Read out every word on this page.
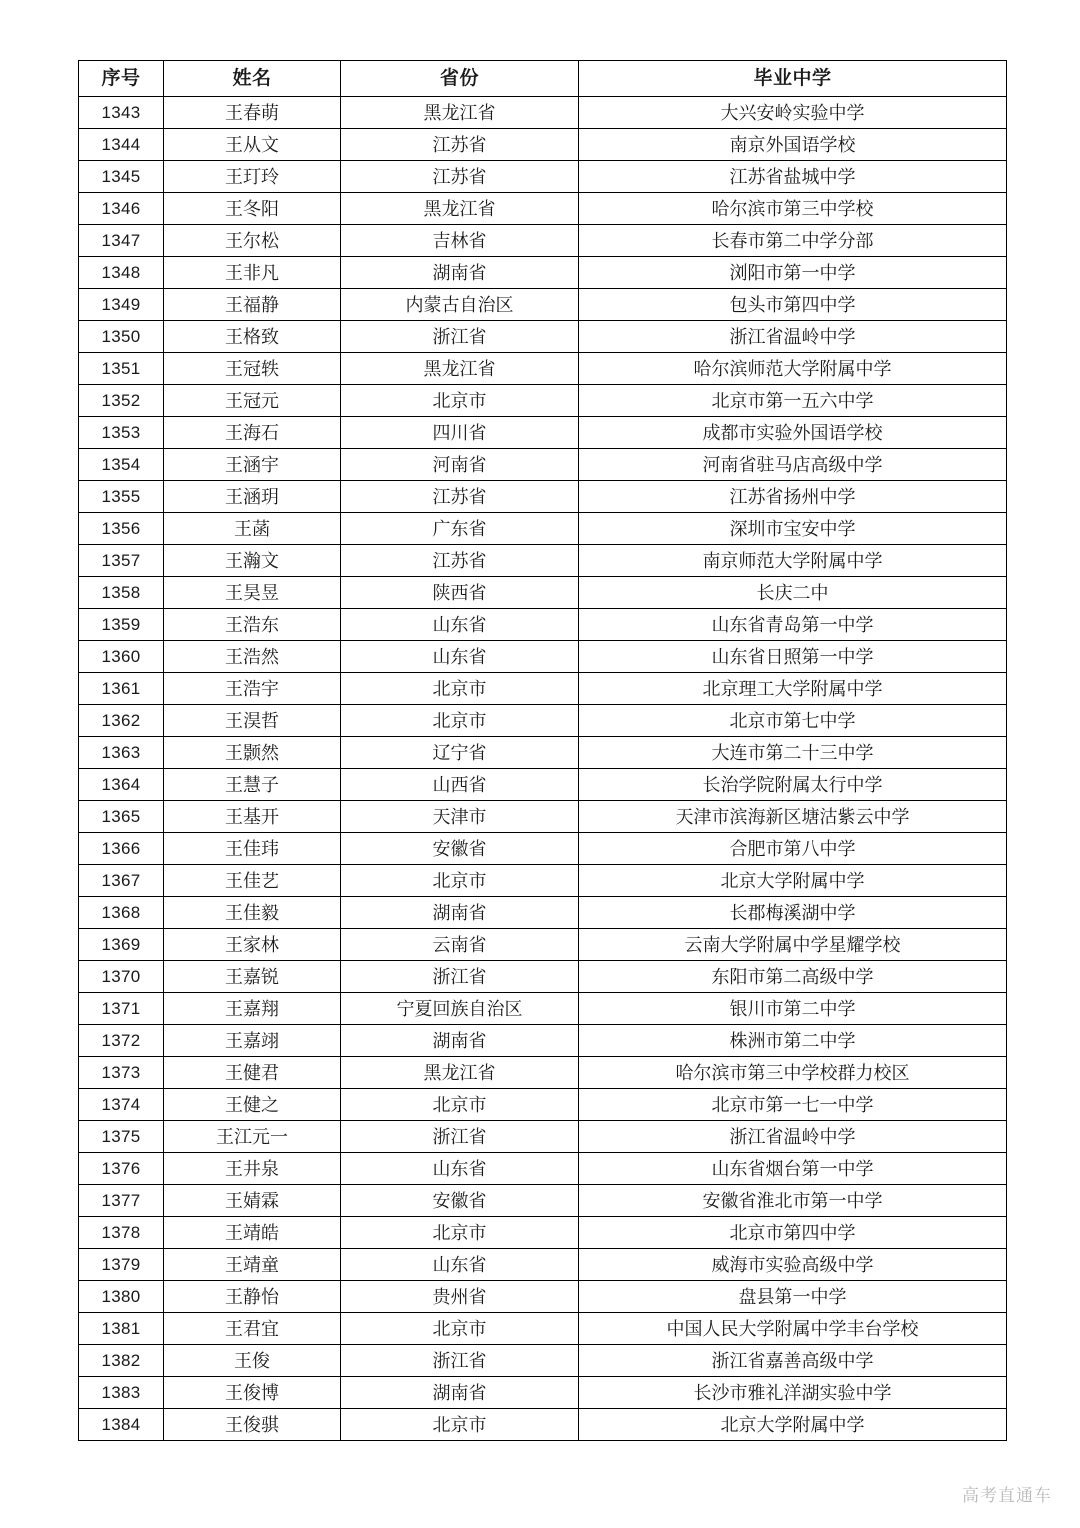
序号	姓名	省份	毕业中学
1343	王春萌	黑龙江省	大兴安岭实验中学
1344	王从文	江苏省	南京外国语学校
1345	王玎玲	江苏省	江苏省盐城中学
1346	王冬阳	黑龙江省	哈尔滨市第三中学校
1347	王尔松	吉林省	长春市第二中学分部
1348	王非凡	湖南省	浏阳市第一中学
1349	王福静	内蒙古自治区	包头市第四中学
1350	王格致	浙江省	浙江省温岭中学
1351	王冠轶	黑龙江省	哈尔滨师范大学附属中学
1352	王冠元	北京市	北京市第一五六中学
1353	王海石	四川省	成都市实验外国语学校
1354	王涵宇	河南省	河南省驻马店高级中学
1355	王涵玥	江苏省	江苏省扬州中学
1356	王菡	广东省	深圳市宝安中学
1357	王瀚文	江苏省	南京师范大学附属中学
1358	王昊昱	陕西省	长庆二中
1359	王浩东	山东省	山东省青岛第一中学
1360	王浩然	山东省	山东省日照第一中学
1361	王浩宇	北京市	北京理工大学附属中学
1362	王淏哲	北京市	北京市第七中学
1363	王颢然	辽宁省	大连市第二十三中学
1364	王慧子	山西省	长治学院附属太行中学
1365	王基开	天津市	天津市滨海新区塘沽紫云中学
1366	王佳玮	安徽省	合肥市第八中学
1367	王佳艺	北京市	北京大学附属中学
1368	王佳毅	湖南省	长郡梅溪湖中学
1369	王家林	云南省	云南大学附属中学星耀学校
1370	王嘉锐	浙江省	东阳市第二高级中学
1371	王嘉翔	宁夏回族自治区	银川市第二中学
1372	王嘉翊	湖南省	株洲市第二中学
1373	王健君	黑龙江省	哈尔滨市第三中学校群力校区
1374	王健之	北京市	北京市第一七一中学
1375	王江元一	浙江省	浙江省温岭中学
1376	王井泉	山东省	山东省烟台第一中学
1377	王婧霖	安徽省	安徽省淮北市第一中学
1378	王靖皓	北京市	北京市第四中学
1379	王靖童	山东省	威海市实验高级中学
1380	王静怡	贵州省	盘县第一中学
1381	王君宜	北京市	中国人民大学附属中学丰台学校
1382	王俊	浙江省	浙江省嘉善高级中学
1383	王俊博	湖南省	长沙市雅礼洋湖实验中学
1384	王俊骐	北京市	北京大学附属中学
高考直通车
